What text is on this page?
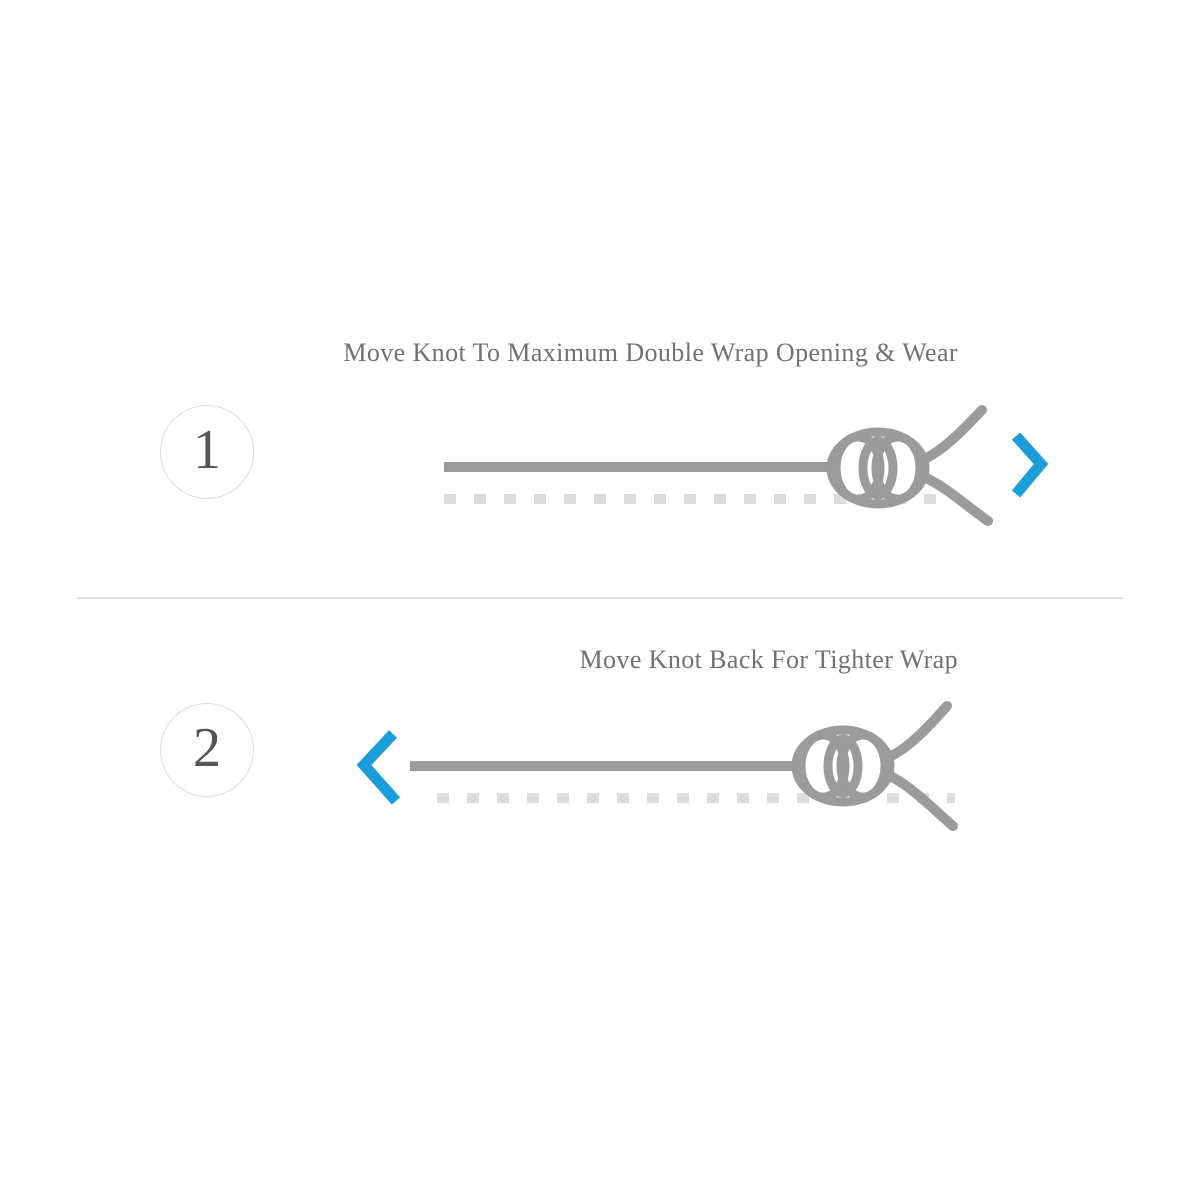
Move Knot To Maximum Double Wrap Opening & Wear
1
Move Knot Back For Tighter Wrap
2
